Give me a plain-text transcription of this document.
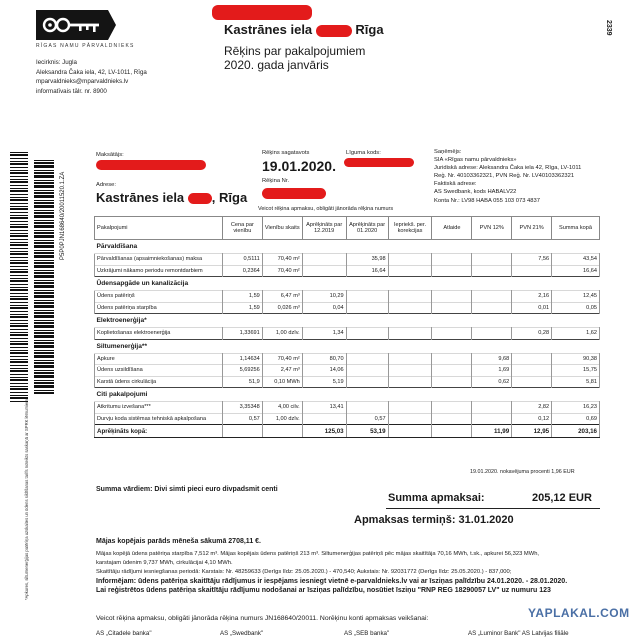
RĪGAS NAMU PĀRVALDNIEKS
Iecirknis: Jugla
Aleksandra Čaka iela, 42, LV-1011, Rīga
mparvaldnieks@mparvaldnieks.lv
informatīvais tālr. nr. 8900
Kastrānes iela	Rīga
Rēķins par pakalpojumiem
2020. gada janvāris
2339
P5P0PJN168640/20011520.1.ZA
*Apkures, siltumenerģijas patēriņa uzskaites un ūdens sildīšanas tarifs noteikts saskaņā ar SPRK lēmumiem
Maksātājs:	Rēķins sagatavots
19.01.2020.
Līguma kods:
Rēķina Nr.
Adrese:
Kastrānes iela , Rīga
Saņēmējs:
SIA «Rīgas namu pārvaldnieks»
Juridiskā adrese: Aleksandra Čaka iela 42, Rīga, LV-1011
Reģ. Nr. 40103362321, PVN Reģ. Nr. LV40103362321
Faktiskā adrese:
AS Swedbank, kods HABALV22
Konta Nr.: LV98 HABA 055 103 073 4837
Veicot rēķina apmaksu, obligāti jānorāda rēķina numurs
Pakalpojumi	Cena par vienību	Vienību skaits	Aprēķināts par 12.2019	Aprēķināts par 01.2020	Iepriekš. per. korekcijas	Atlaide	PVN 12%	PVN 21%	Summa kopā
Pārvaldīšana									
Pārvaldīšanas (apsaimniekošanas) maksa	0,5111	70,40 m²		35,98				7,56	43,54
Uzkrājumi nākamo periodu remontdarbiem	0,2364	70,40 m²		16,64					16,64
Ūdensapgāde un kanalizācija									
Ūdens patēriņš	1,59	6,47 m³	10,29					2,16	12,45
Ūdens patēriņa starpība	1,59	0,026 m³	0,04					0,01	0,05
Elektroenerģija*									
Koplietošanas elektroenerģija	1,33691	1,00 dzīv.	1,34					0,28	1,62
Siltumenerģija**									
Apkure	1,14634	70,40 m²	80,70				9,68		90,38
Ūdens uzsildīšana	5,69256	2,47 m³	14,06				1,69		15,75
Karstā ūdens cirkulācija	51,9	0,10 MWh	5,19				0,62		5,81
Citi pakalpojumi									
Atkritumu izvešana***	3,35348	4,00 cilv.	13,41					2,82	16,23
Durvju koda sistēmas tehniskā apkalpošana	0,57	1,00 dzīv.		0,57				0,12	0,69
Aprēķināts kopā:			125,03	53,19			11,99	12,95	203,16
19.01.2020. nokavējuma procenti 1,96 EUR
Summa vārdiem: Divi simti pieci euro divpadsmit centi
Summa apmaksai:	205,12 EUR
Apmaksas termiņš: 31.01.2020
Mājas kopējais parāds mēneša sākumā 2708,11 €.
Mājas kopējā ūdens patēriņa starpība 7,512 m³. Mājas kopējais ūdens patēriņš 213 m³. Siltumenerģijas patēriņš pēc mājas skaitītāja 70,16 MWh, t.sk., apkurei 56,323 MWh,
karstajam ūdenim 9,737 MWh, cirkulācijai 4,10 MWh.
Skaitītāju rādījumi iesniegšanas periodā: Karstais: Nr. 48259633 (Derīgs līdz: 25.05.2020.) - 470,540; Aukstais: Nr. 92031772 (Derīgs līdz: 25.05.2020.) - 837,000;
Informējam: ūdens patēriņa skaitītāju rādījumus ir iespējams iesniegt vietnē e-parvaldnieks.lv vai ar īsziņas palīdzību 24.01.2020. - 28.01.2020.
Lai reģistrētos ūdens patēriņa skaitītāju rādījumu nodošanai ar īsziņas palīdzību, nosūtiet īsziņu "RNP REG 18290057 LV" uz numuru 123
Veicot rēķina apmaksu, obligāti jānorāda rēķina numurs JN168640/20011. Norēķinu konti apmaksas veikšanai:
AS „Citadele banka"	AS „Swedbank"	AS „SEB banka"	AS „Luminor Bank" AS Latvijas filiāle
YAPLAKAL.COM
